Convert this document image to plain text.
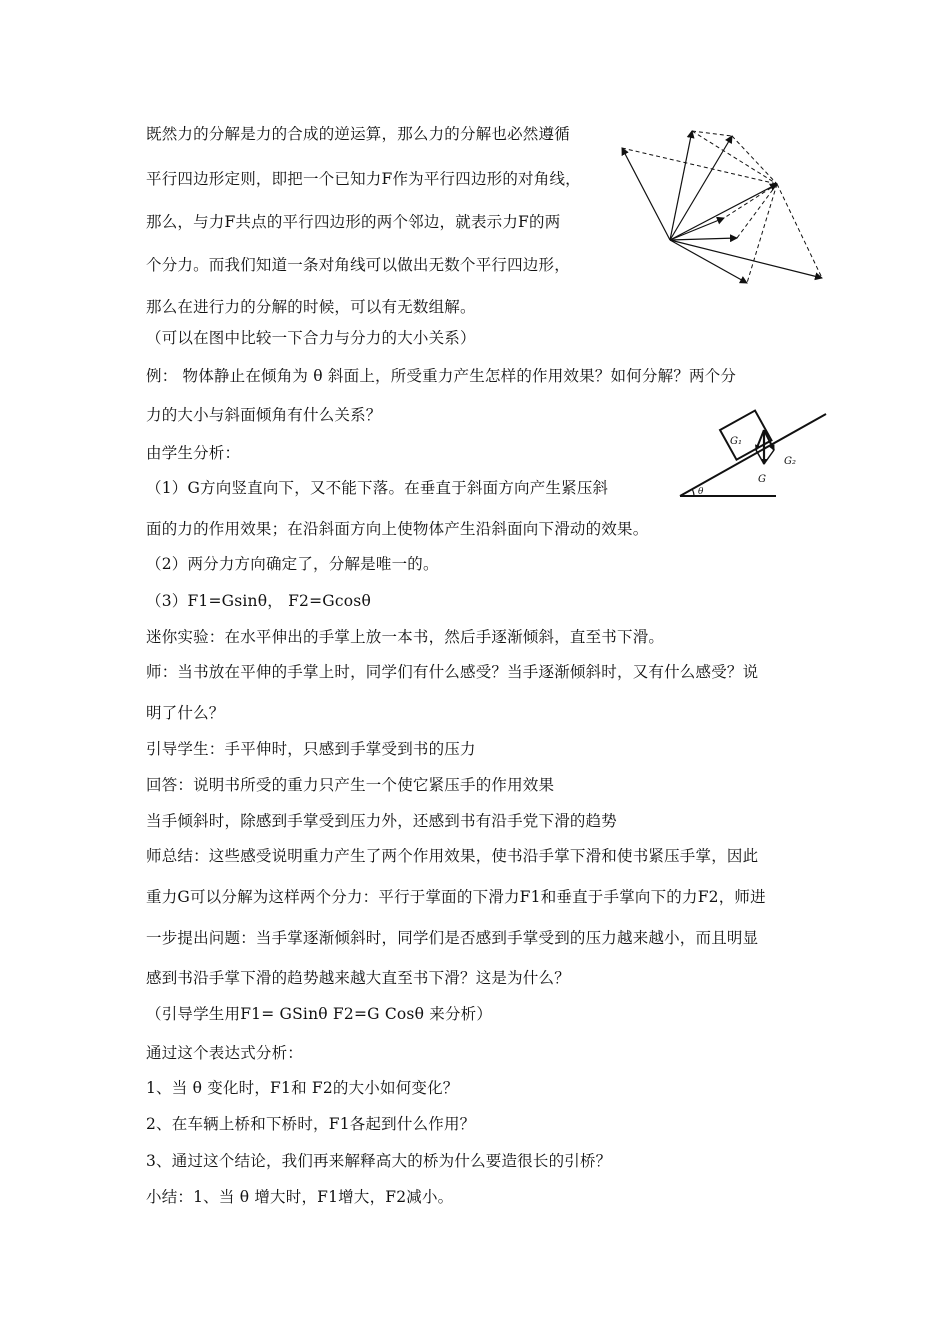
既然力的分解是力的合成的逆运算，那么力的分解也必然遵循
平行四边形定则，即把一个已知力F作为平行四边形的对角线，
那么，与力F共点的平行四边形的两个邻边，就表示力F的两
个分力。而我们知道一条对角线可以做出无数个平行四边形，
那么在进行力的分解的时候，可以有无数组解。
（可以在图中比较一下合力与分力的大小关系）
例： 物体静止在倾角为 θ 斜面上，所受重力产生怎样的作用效果？如何分解？两个分
力的大小与斜面倾角有什么关系？
由学生分析：
（1）G方向竖直向下，又不能下落。在垂直于斜面方向产生紧压斜
面的力的作用效果；在沿斜面方向上使物体产生沿斜面向下滑动的效果。
（2）两分力方向确定了，分解是唯一的。
（3）F1=Gsinθ， F2=Gcosθ
迷你实验：在水平伸出的手掌上放一本书，然后手逐渐倾斜，直至书下滑。
师：当书放在平伸的手掌上时，同学们有什么感受？当手逐渐倾斜时，又有什么感受？说
明了什么？
引导学生：手平伸时，只感到手掌受到书的压力
回答：说明书所受的重力只产生一个使它紧压手的作用效果
当手倾斜时，除感到手掌受到压力外，还感到书有沿手党下滑的趋势
师总结：这些感受说明重力产生了两个作用效果，使书沿手掌下滑和使书紧压手掌，因此
重力G可以分解为这样两个分力：平行于掌面的下滑力F1和垂直于手掌向下的力F2，师进
一步提出问题：当手掌逐渐倾斜时，同学们是否感到手掌受到的压力越来越小，而且明显
感到书沿手掌下滑的趋势越来越大直至书下滑？这是为什么？
（引导学生用F1= GSinθ F2=G Cosθ 来分析）
通过这个表达式分析：
1、当 θ 变化时，F1和 F2的大小如何变化？
2、在车辆上桥和下桥时，F1各起到什么作用？
3、通过这个结论，我们再来解释高大的桥为什么要造很长的引桥？
小结：1、当 θ 增大时，F1增大，F2减小。
G₁
G₂
G
θ
